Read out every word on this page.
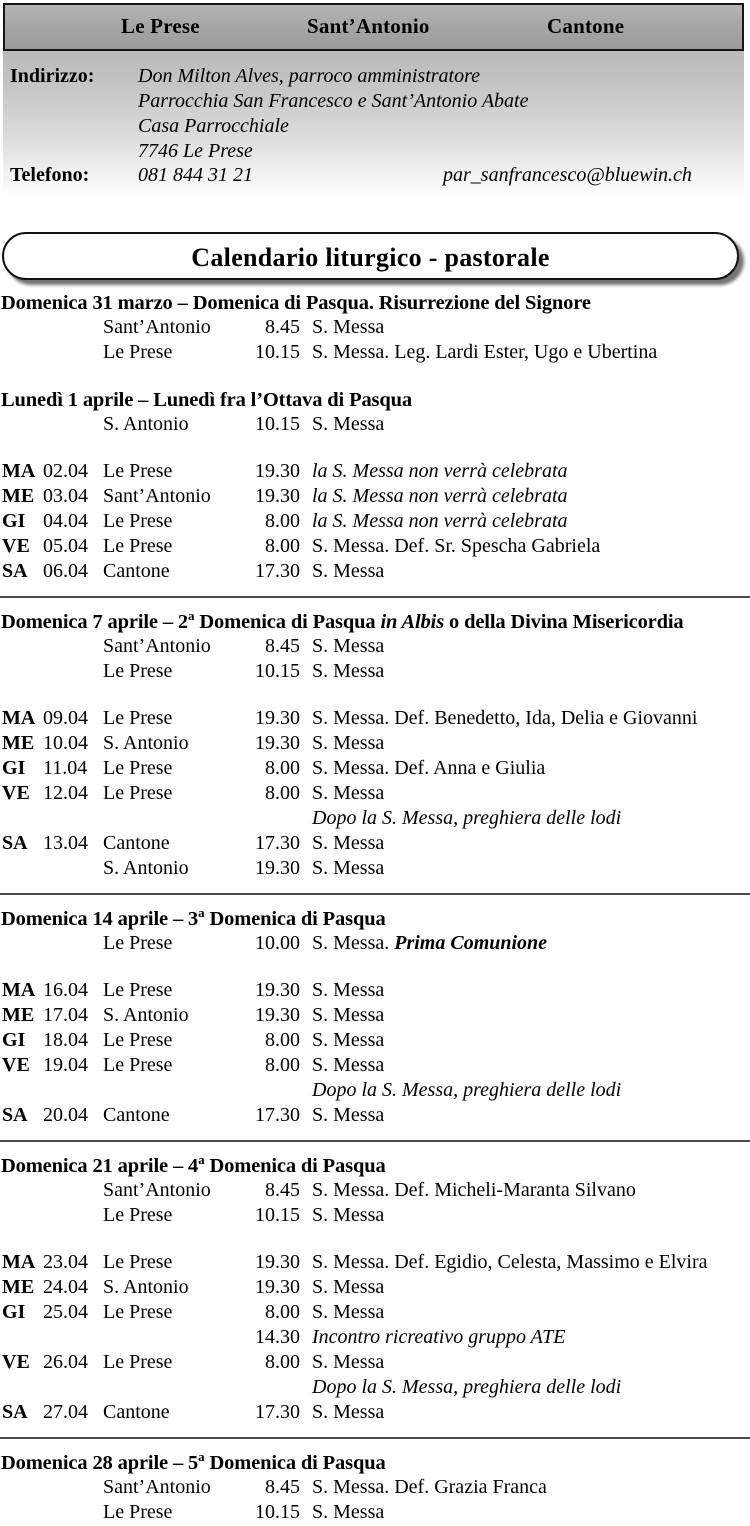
Le Prese	Sant’Antonio	Cantone
Indirizzo: Don Milton Alves, parroco amministratore
Parrocchia San Francesco e Sant’Antonio Abate
Casa Parrocchiale
7746 Le Prese
Telefono: 081 844 31 21	par_sanfrancesco@bluewin.ch
Calendario liturgico - pastorale
Domenica 31 marzo – Domenica di Pasqua. Risurrezione del Signore
Sant’Antonio	8.45 S. Messa
Le Prese	10.15 S. Messa. Leg. Lardi Ester, Ugo e Ubertina
Lunedì 1 aprile – Lunedì fra l’Ottava di Pasqua
S. Antonio	10.15 S. Messa
MA 02.04 Le Prese	19.30 la S. Messa non verrà celebrata
ME 03.04 Sant’Antonio	19.30 la S. Messa non verrà celebrata
GI 04.04 Le Prese	8.00 la S. Messa non verrà celebrata
VE 05.04 Le Prese	8.00 S. Messa. Def. Sr. Spescha Gabriela
SA 06.04 Cantone	17.30 S. Messa
Domenica 7 aprile – 2$^a$ Domenica di Pasqua in Albis o della Divina Misericordia
Sant’Antonio	8.45 S. Messa
Le Prese	10.15 S. Messa
MA 09.04 Le Prese	19.30 S. Messa. Def. Benedetto, Ida, Delia e Giovanni
ME 10.04 S. Antonio	19.30 S. Messa
GI 11.04 Le Prese	8.00 S. Messa. Def. Anna e Giulia
VE 12.04 Le Prese	8.00 S. Messa
Dopo la S. Messa, preghiera delle lodi
SA 13.04 Cantone	17.30 S. Messa
S. Antonio	19.30 S. Messa
Domenica 14 aprile – 3$^a$ Domenica di Pasqua
Le Prese	10.00 S. Messa. Prima Comunione
MA 16.04 Le Prese	19.30 S. Messa
ME 17.04 S. Antonio	19.30 S. Messa
GI 18.04 Le Prese	8.00 S. Messa
VE 19.04 Le Prese	8.00 S. Messa
Dopo la S. Messa, preghiera delle lodi
SA 20.04 Cantone	17.30 S. Messa
Domenica 21 aprile – 4$^a$ Domenica di Pasqua
Sant’Antonio	8.45 S. Messa. Def. Micheli-Maranta Silvano
Le Prese	10.15 S. Messa
MA 23.04 Le Prese	19.30 S. Messa. Def. Egidio, Celesta, Massimo e Elvira
ME 24.04 S. Antonio	19.30 S. Messa
GI 25.04 Le Prese	8.00 S. Messa
14.30 Incontro ricreativo gruppo ATE
VE 26.04 Le Prese	8.00 S. Messa
Dopo la S. Messa, preghiera delle lodi
SA 27.04 Cantone	17.30 S. Messa
Domenica 28 aprile – 5$^a$ Domenica di Pasqua
Sant’Antonio	8.45 S. Messa. Def. Grazia Franca
Le Prese	10.15 S. Messa
